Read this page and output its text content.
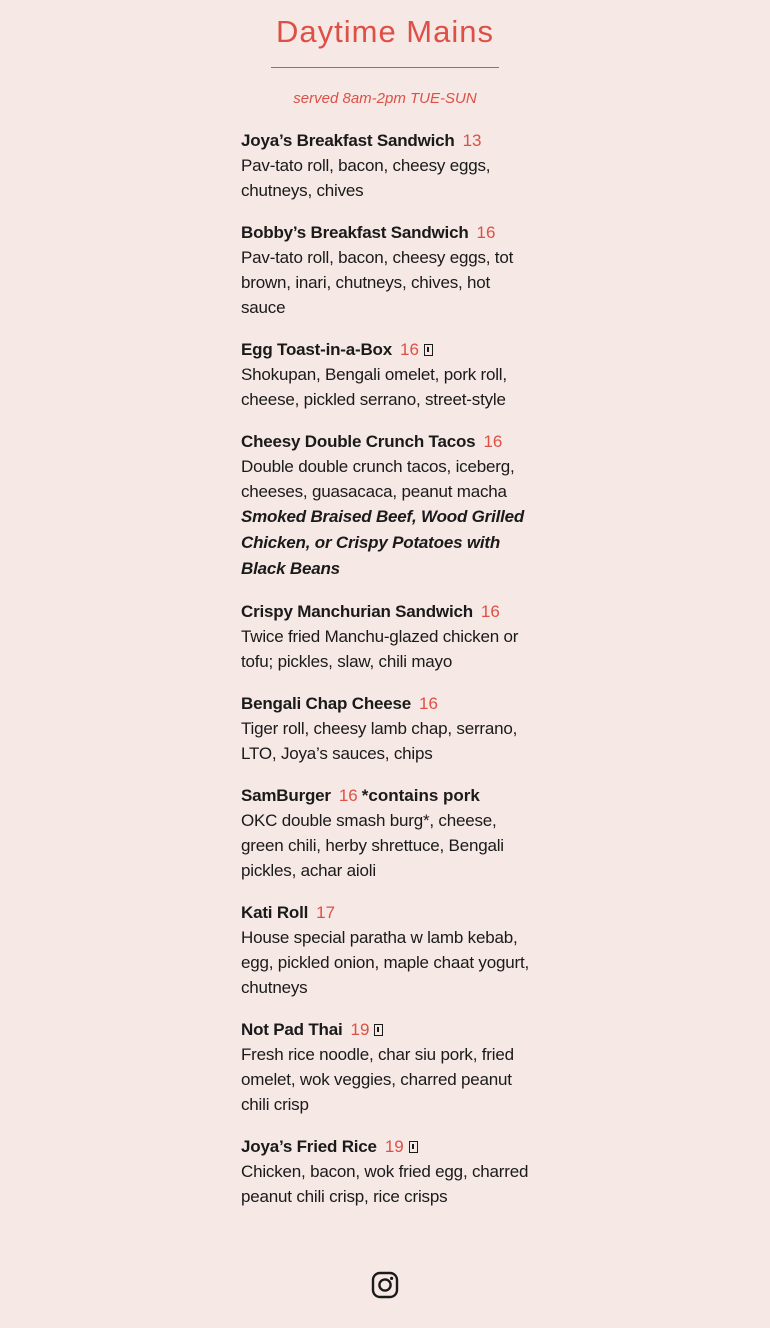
Daytime Mains
served 8am-2pm TUE-SUN
Joya’s Breakfast Sandwich 13
Pav-tato roll, bacon, cheesy eggs, chutneys, chives
Bobby’s Breakfast Sandwich 16
Pav-tato roll, bacon, cheesy eggs, tot brown, inari, chutneys, chives, hot sauce
Egg Toast-in-a-Box 16
Shokupan, Bengali omelet, pork roll, cheese, pickled serrano, street-style
Cheesy Double Crunch Tacos 16
Double double crunch tacos, iceberg, cheeses, guasacaca, peanut macha Smoked Braised Beef, Wood Grilled Chicken, or Crispy Potatoes with Black Beans
Crispy Manchurian Sandwich 16
Twice fried Manchu-glazed chicken or tofu; pickles, slaw, chili mayo
Bengali Chap Cheese 16
Tiger roll, cheesy lamb chap, serrano, LTO, Joya’s sauces, chips
SamBurger 16 *contains pork
OKC double smash burg*, cheese, green chili, herby shrettuce, Bengali pickles, achar aioli
Kati Roll 17
House special paratha w lamb kebab, egg, pickled onion, maple chaat yogurt, chutneys
Not Pad Thai 19
Fresh rice noodle, char siu pork, fried omelet, wok veggies, charred peanut chili crisp
Joya’s Fried Rice 19
Chicken, bacon, wok fried egg, charred peanut chili crisp, rice crisps
